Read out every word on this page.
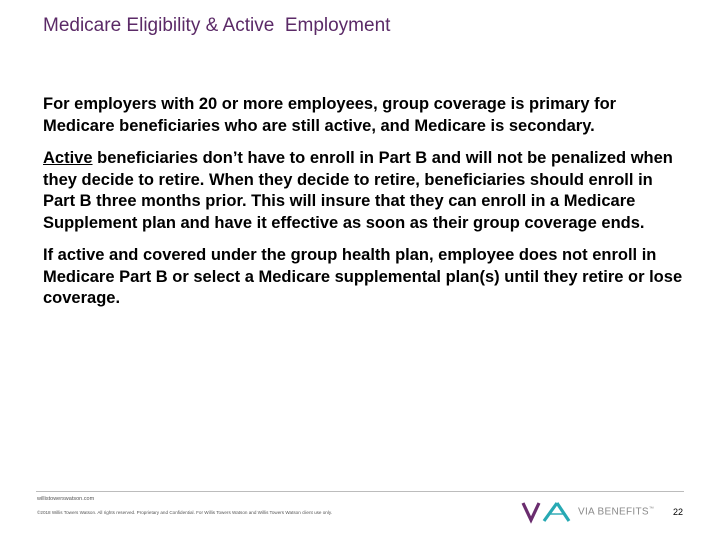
Medicare Eligibility & Active  Employment

For employers with 20 or more employees, group coverage is primary for Medicare beneficiaries who are still active, and Medicare is secondary.

Active beneficiaries don’t have to enroll in Part B and will not be penalized when they decide to retire. When they decide to retire, beneficiaries should enroll in Part B three months prior. This will insure that they can enroll in a Medicare Supplement plan and have it effective as soon as their group coverage ends.

If active and covered under the group health plan, employee does not enroll in Medicare Part B or select a Medicare supplemental plan(s) until they retire or lose coverage.

willistowerswatson.com
©2018 Willis Towers Watson. All rights reserved. Proprietary and Confidential. For Willis Towers Watson and Willis Towers Watson client use only.	VIA BENEFITS™ 22
